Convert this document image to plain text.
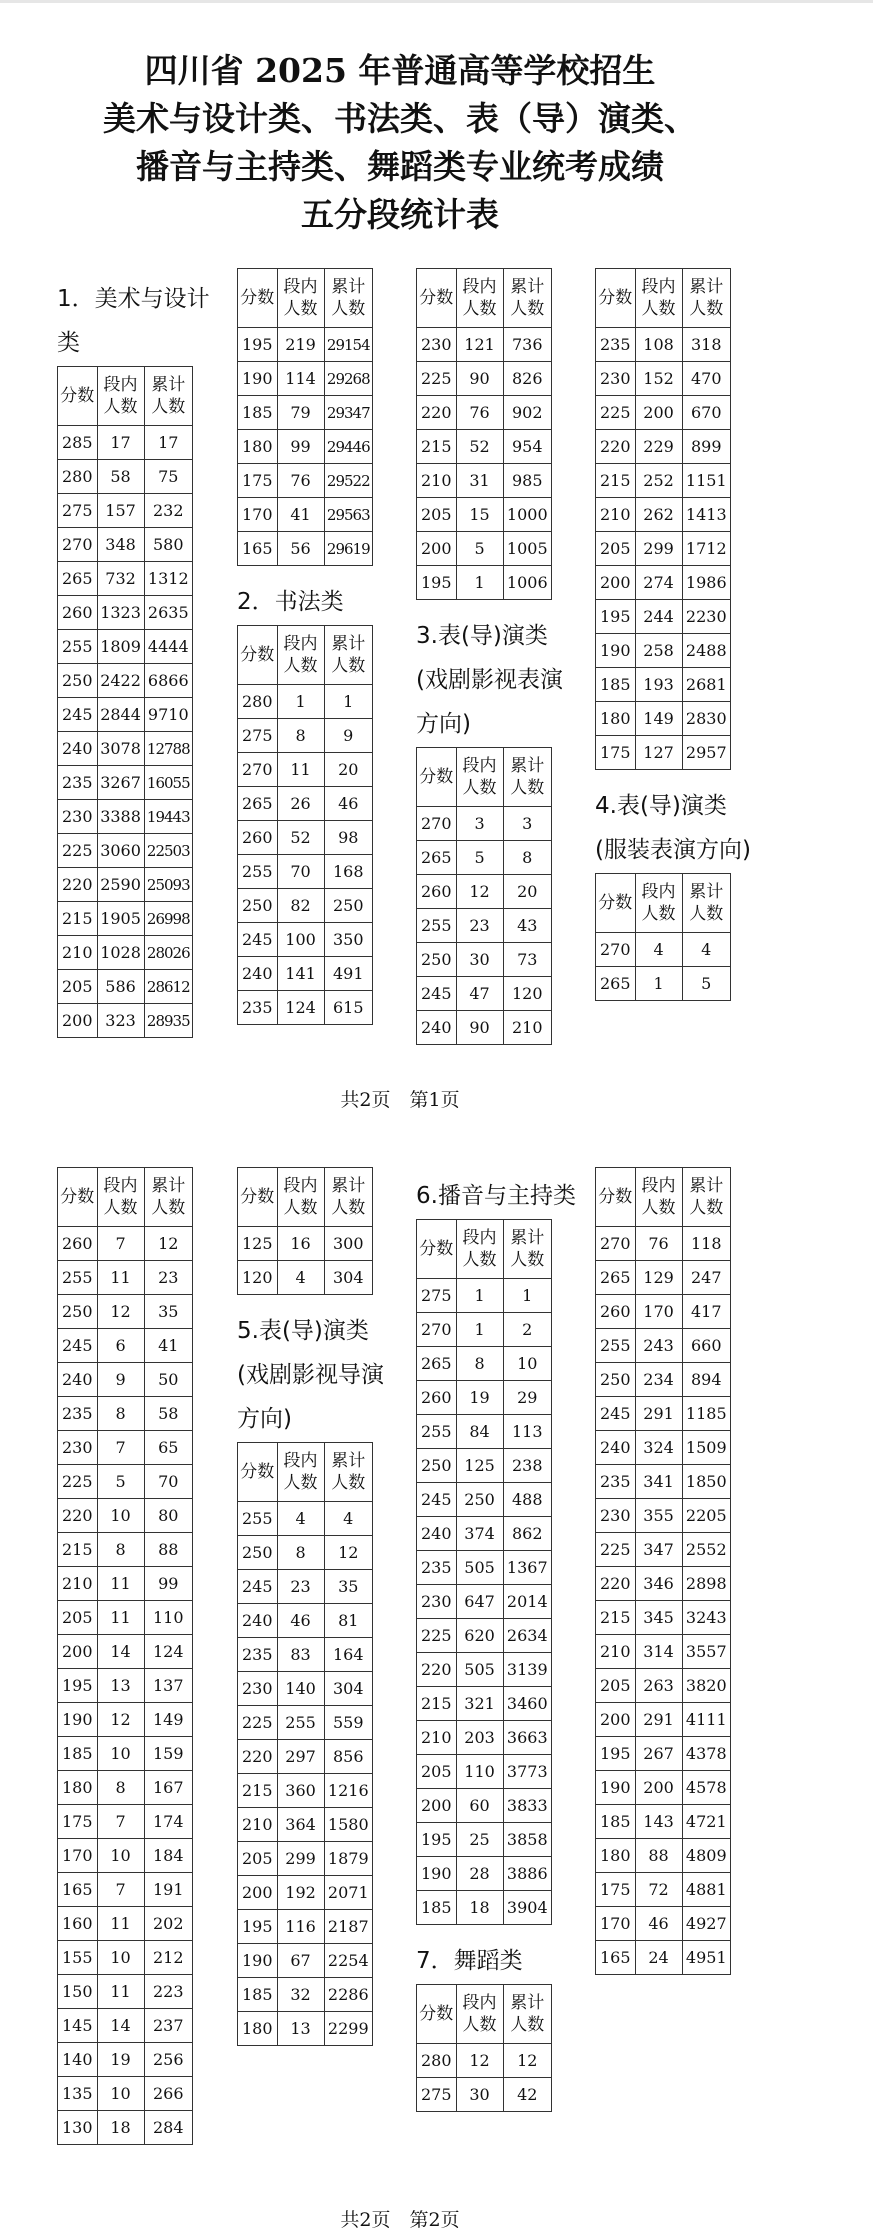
四川省 2025 年普通高等学校招生
美术与设计类、书法类、表（导）演类、
播音与主持类、舞蹈类专业统考成绩
五分段统计表
1．美术与设计类
分数	段内人数	累计人数
285	17	17
280	58	75
275	157	232
270	348	580
265	732	1312
260	1323	2635
255	1809	4444
250	2422	6866
245	2844	9710
240	3078	12788
235	3267	16055
230	3388	19443
225	3060	22503
220	2590	25093
215	1905	26998
210	1028	28026
205	586	28612
200	323	28935
分数	段内人数	累计人数
195	219	29154
190	114	29268
185	79	29347
180	99	29446
175	76	29522
170	41	29563
165	56	29619
2．书法类
分数	段内人数	累计人数
280	1	1
275	8	9
270	11	20
265	26	46
260	52	98
255	70	168
250	82	250
245	100	350
240	141	491
235	124	615
分数	段内人数	累计人数
230	121	736
225	90	826
220	76	902
215	52	954
210	31	985
205	15	1000
200	5	1005
195	1	1006
3.表(导)演类(戏剧影视表演方向)
分数	段内人数	累计人数
270	3	3
265	5	8
260	12	20
255	23	43
250	30	73
245	47	120
240	90	210
分数	段内人数	累计人数
235	108	318
230	152	470
225	200	670
220	229	899
215	252	1151
210	262	1413
205	299	1712
200	274	1986
195	244	2230
190	258	2488
185	193	2681
180	149	2830
175	127	2957
4.表(导)演类(服装表演方向)
分数	段内人数	累计人数
270	4	4
265	1	5
共2页　第1页
分数	段内人数	累计人数
260	7	12
255	11	23
250	12	35
245	6	41
240	9	50
235	8	58
230	7	65
225	5	70
220	10	80
215	8	88
210	11	99
205	11	110
200	14	124
195	13	137
190	12	149
185	10	159
180	8	167
175	7	174
170	10	184
165	7	191
160	11	202
155	10	212
150	11	223
145	14	237
140	19	256
135	10	266
130	18	284
分数	段内人数	累计人数
125	16	300
120	4	304
5.表(导)演类(戏剧影视导演方向)
分数	段内人数	累计人数
255	4	4
250	8	12
245	23	35
240	46	81
235	83	164
230	140	304
225	255	559
220	297	856
215	360	1216
210	364	1580
205	299	1879
200	192	2071
195	116	2187
190	67	2254
185	32	2286
180	13	2299
6.播音与主持类
分数	段内人数	累计人数
275	1	1
270	1	2
265	8	10
260	19	29
255	84	113
250	125	238
245	250	488
240	374	862
235	505	1367
230	647	2014
225	620	2634
220	505	3139
215	321	3460
210	203	3663
205	110	3773
200	60	3833
195	25	3858
190	28	3886
185	18	3904
7．舞蹈类
分数	段内人数	累计人数
280	12	12
275	30	42
分数	段内人数	累计人数
270	76	118
265	129	247
260	170	417
255	243	660
250	234	894
245	291	1185
240	324	1509
235	341	1850
230	355	2205
225	347	2552
220	346	2898
215	345	3243
210	314	3557
205	263	3820
200	291	4111
195	267	4378
190	200	4578
185	143	4721
180	88	4809
175	72	4881
170	46	4927
165	24	4951
共2页　第2页
